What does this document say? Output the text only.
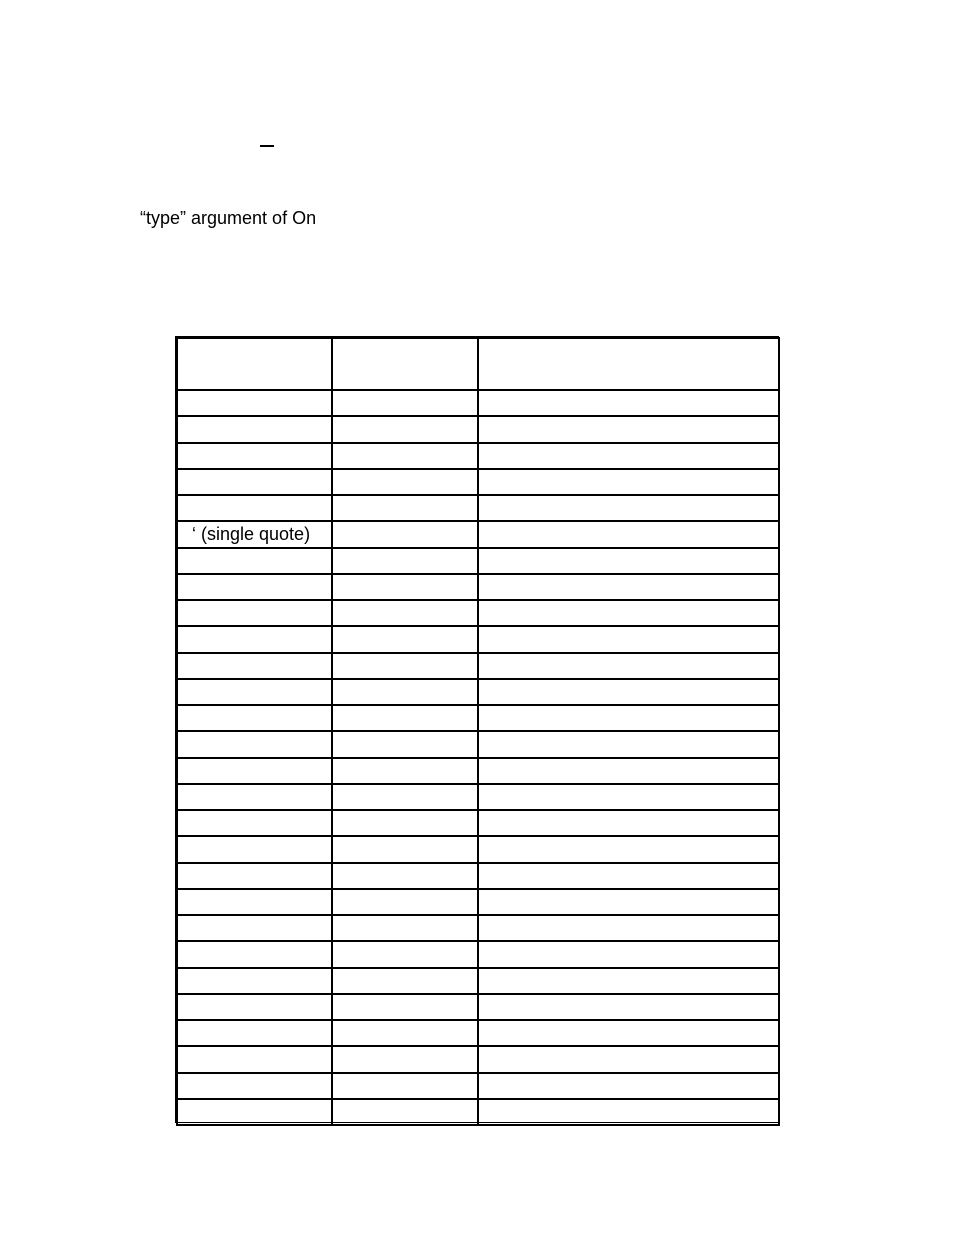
“type” argument of On

‘ (single quote)		
